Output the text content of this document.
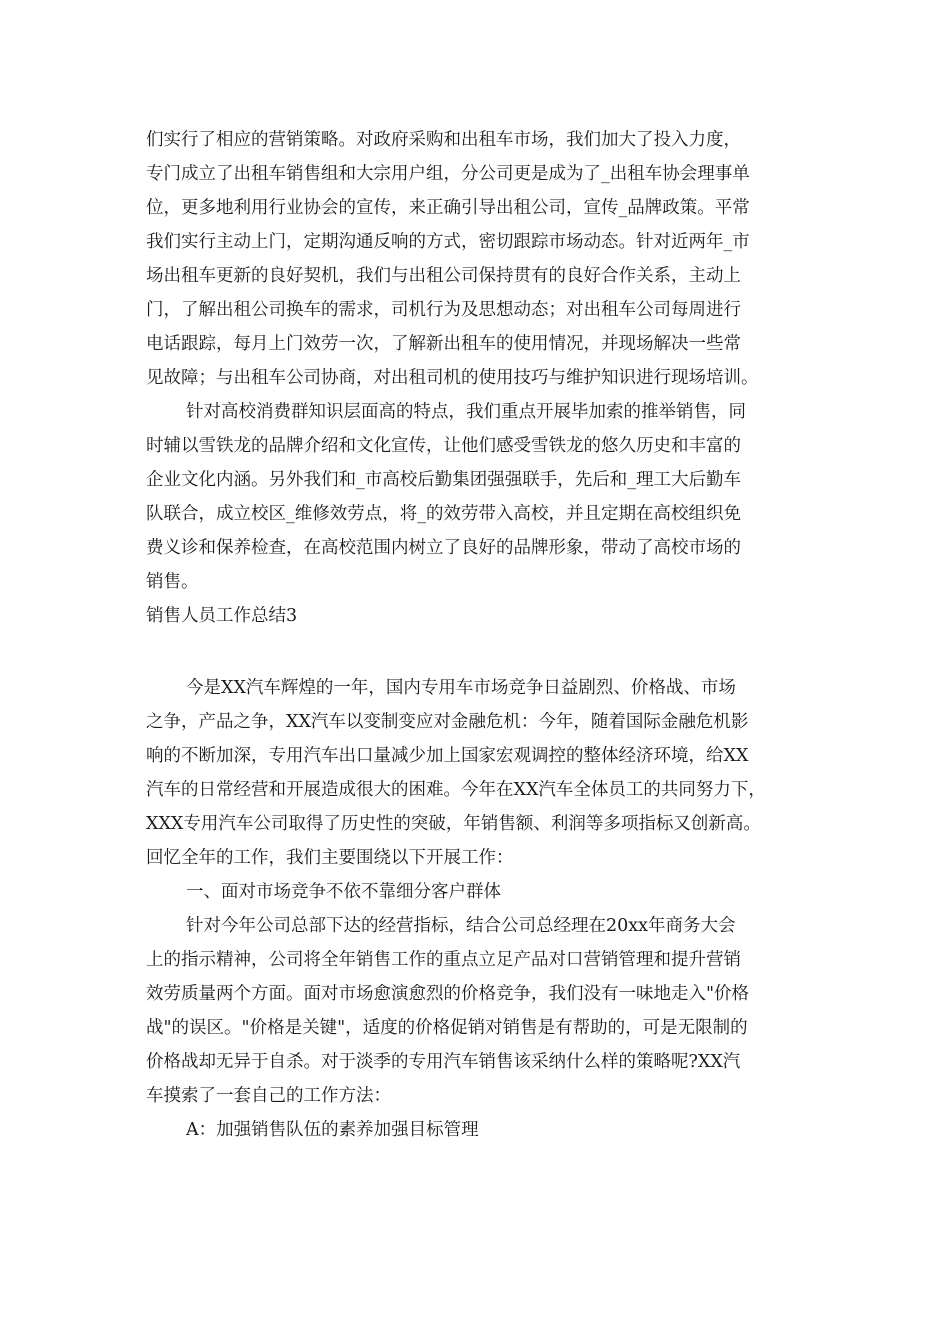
们实行了相应的营销策略。对政府采购和出租车市场，我们加大了投入力度，
专门成立了出租车销售组和大宗用户组，分公司更是成为了_出租车协会理事单
位，更多地利用行业协会的宣传，来正确引导出租公司，宣传_品牌政策。平常
我们实行主动上门，定期沟通反响的方式，密切跟踪市场动态。针对近两年_市
场出租车更新的良好契机，我们与出租公司保持贯有的良好合作关系，主动上
门，了解出租公司换车的需求，司机行为及思想动态；对出租车公司每周进行
电话跟踪，每月上门效劳一次，了解新出租车的使用情况，并现场解决一些常
见故障；与出租车公司协商，对出租司机的使用技巧与维护知识进行现场培训。
针对高校消费群知识层面高的特点，我们重点开展毕加索的推举销售，同
时辅以雪铁龙的品牌介绍和文化宣传，让他们感受雪铁龙的悠久历史和丰富的
企业文化内涵。另外我们和_市高校后勤集团强强联手，先后和_理工大后勤车
队联合，成立校区_维修效劳点，将_的效劳带入高校，并且定期在高校组织免
费义诊和保养检查，在高校范围内树立了良好的品牌形象，带动了高校市场的
销售。
销售人员工作总结3
今是XX汽车辉煌的一年，国内专用车市场竞争日益剧烈、价格战、市场
之争，产品之争，XX汽车以变制变应对金融危机：今年，随着国际金融危机影
响的不断加深，专用汽车出口量减少加上国家宏观调控的整体经济环境，给XX
汽车的日常经营和开展造成很大的困难。今年在XX汽车全体员工的共同努力下，
XXX专用汽车公司取得了历史性的突破，年销售额、利润等多项指标又创新高。
回忆全年的工作，我们主要围绕以下开展工作：
一、面对市场竞争不依不靠细分客户群体
针对今年公司总部下达的经营指标，结合公司总经理在20xx年商务大会
上的指示精神，公司将全年销售工作的重点立足产品对口营销管理和提升营销
效劳质量两个方面。面对市场愈演愈烈的价格竞争，我们没有一味地走入"价格
战"的误区。"价格是关键"，适度的价格促销对销售是有帮助的，可是无限制的
价格战却无异于自杀。对于淡季的专用汽车销售该采纳什么样的策略呢?XX汽
车摸索了一套自己的工作方法：
A：加强销售队伍的素养加强目标管理
